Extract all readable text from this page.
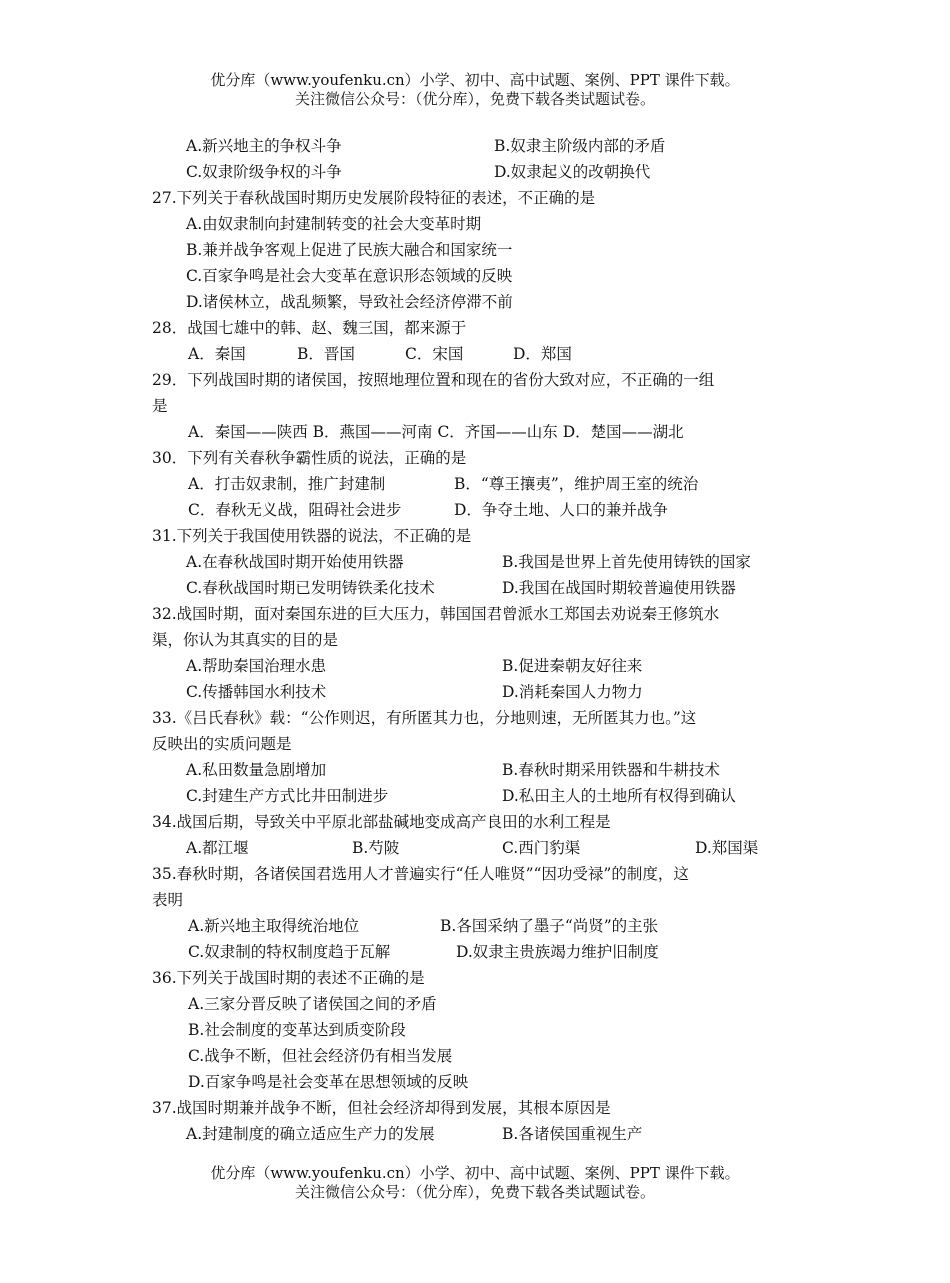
优分库（www.youfenku.cn）小学、初中、高中试题、案例、PPT 课件下载。
关注微信公众号：（优分库），免费下载各类试题试卷。
A.新兴地主的争权斗争	B.奴隶主阶级内部的矛盾
C.奴隶阶级争权的斗争	D.奴隶起义的改朝换代
27.下列关于春秋战国时期历史发展阶段特征的表述，不正确的是
A.由奴隶制向封建制转变的社会大变革时期
B.兼并战争客观上促进了民族大融合和国家统一
C.百家争鸣是社会大变革在意识形态领域的反映
D.诸侯林立，战乱频繁，导致社会经济停滞不前
28．战国七雄中的韩、赵、魏三国，都来源于
A．秦国	B．晋国	C．宋国	D．郑国
29．下列战国时期的诸侯国，按照地理位置和现在的省份大致对应，不正确的一组
是
A．秦国——陕西 B．燕国——河南 C．齐国——山东 D．楚国——湖北
30．下列有关春秋争霸性质的说法，正确的是
A．打击奴隶制，推广封建制	B．“尊王攘夷”，维护周王室的统治
C．春秋无义战，阻碍社会进步	D．争夺土地、人口的兼并战争
31.下列关于我国使用铁器的说法，不正确的是
A.在春秋战国时期开始使用铁器	B.我国是世界上首先使用铸铁的国家
C.春秋战国时期已发明铸铁柔化技术	D.我国在战国时期较普遍使用铁器
32.战国时期，面对秦国东进的巨大压力，韩国国君曾派水工郑国去劝说秦王修筑水
渠，你认为其真实的目的是
A.帮助秦国治理水患	B.促进秦朝友好往来
C.传播韩国水利技术	D.消耗秦国人力物力
33.《吕氏春秋》载：“公作则迟，有所匿其力也，分地则速，无所匿其力也。”这
反映出的实质问题是
A.私田数量急剧增加	B.春秋时期采用铁器和牛耕技术
C.封建生产方式比井田制进步	D.私田主人的土地所有权得到确认
34.战国后期，导致关中平原北部盐碱地变成高产良田的水利工程是
A.都江堰	B.芍陂	C.西门豹渠	D.郑国渠
35.春秋时期，各诸侯国君选用人才普遍实行“任人唯贤”“因功受禄”的制度，这
表明
A.新兴地主取得统治地位	B.各国采纳了墨子“尚贤”的主张
C.奴隶制的特权制度趋于瓦解	D.奴隶主贵族竭力维护旧制度
36.下列关于战国时期的表述不正确的是
A.三家分晋反映了诸侯国之间的矛盾
B.社会制度的变革达到质变阶段
C.战争不断，但社会经济仍有相当发展
D.百家争鸣是社会变革在思想领域的反映
37.战国时期兼并战争不断，但社会经济却得到发展，其根本原因是
A.封建制度的确立适应生产力的发展	B.各诸侯国重视生产
优分库（www.youfenku.cn）小学、初中、高中试题、案例、PPT 课件下载。
关注微信公众号：（优分库），免费下载各类试题试卷。
